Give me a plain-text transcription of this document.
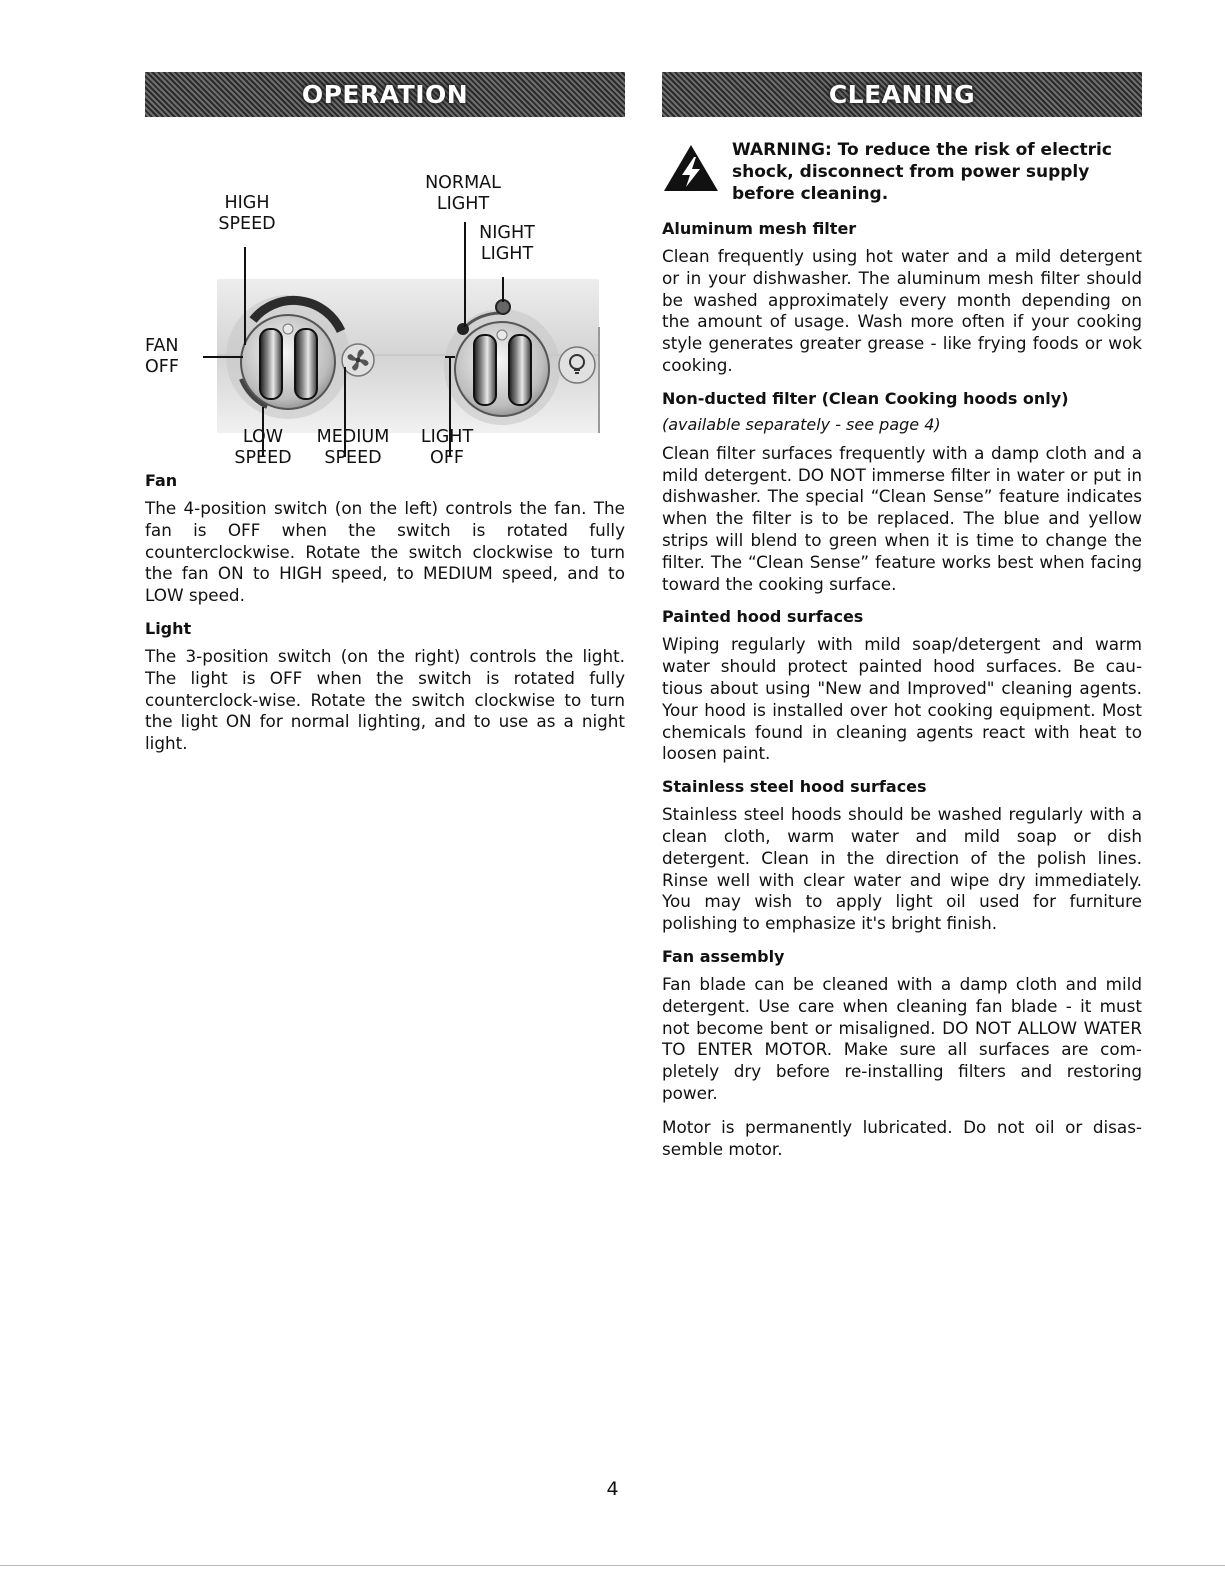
OPERATION
HIGH
SPEED
NORMAL
LIGHT
NIGHT
LIGHT
FAN
OFF
LOW
SPEED
MEDIUM
SPEED
LIGHT
OFF
Fan

The 4-position switch (on the left) controls the fan. The fan is OFF when the switch is rotated fully counterclockwise. Rotate the switch clockwise to turn the fan ON to HIGH speed, to MEDIUM speed, and to LOW speed.

Light

The 3-position switch (on the right) controls the light. The light is OFF when the switch is rotated fully counterclock-wise. Rotate the switch clockwise to turn the light ON for normal lighting, and to use as a night light.

CLEANING
WARNING: To reduce the risk of electric shock, disconnect from power supply before cleaning.
Aluminum mesh filter

Clean frequently using hot water and a mild detergent or in your dishwasher. The aluminum mesh filter should be washed approximately every month depending on the amount of usage. Wash more often if your cooking style generates greater grease - like frying foods or wok cooking.

Non-ducted filter (Clean Cooking hoods only)
(available separately - see page 4)

Clean filter surfaces frequently with a damp cloth and a mild detergent. DO NOT immerse filter in water or put in dishwasher. The special “Clean Sense” feature indicates when the filter is to be replaced. The blue and yellow strips will blend to green when it is time to change the filter. The “Clean Sense” feature works best when facing toward the cooking surface.

Painted hood surfaces

Wiping regularly with mild soap/detergent and warm water should protect painted hood surfaces. Be cau-tious about using "New and Improved" cleaning agents. Your hood is installed over hot cooking equipment. Most chemicals found in cleaning agents react with heat to loosen paint.

Stainless steel hood surfaces

Stainless steel hoods should be washed regularly with a clean cloth, warm water and mild soap or dish detergent. Clean in the direction of the polish lines. Rinse well with clear water and wipe dry immediately. You may wish to apply light oil used for furniture polishing to emphasize it's bright finish.

Fan assembly

Fan blade can be cleaned with a damp cloth and mild detergent. Use care when cleaning fan blade - it must not become bent or misaligned. DO NOT ALLOW WATER TO ENTER MOTOR. Make sure all surfaces are com-pletely dry before re-installing filters and restoring power.

Motor is permanently lubricated. Do not oil or disas-semble motor.

4
